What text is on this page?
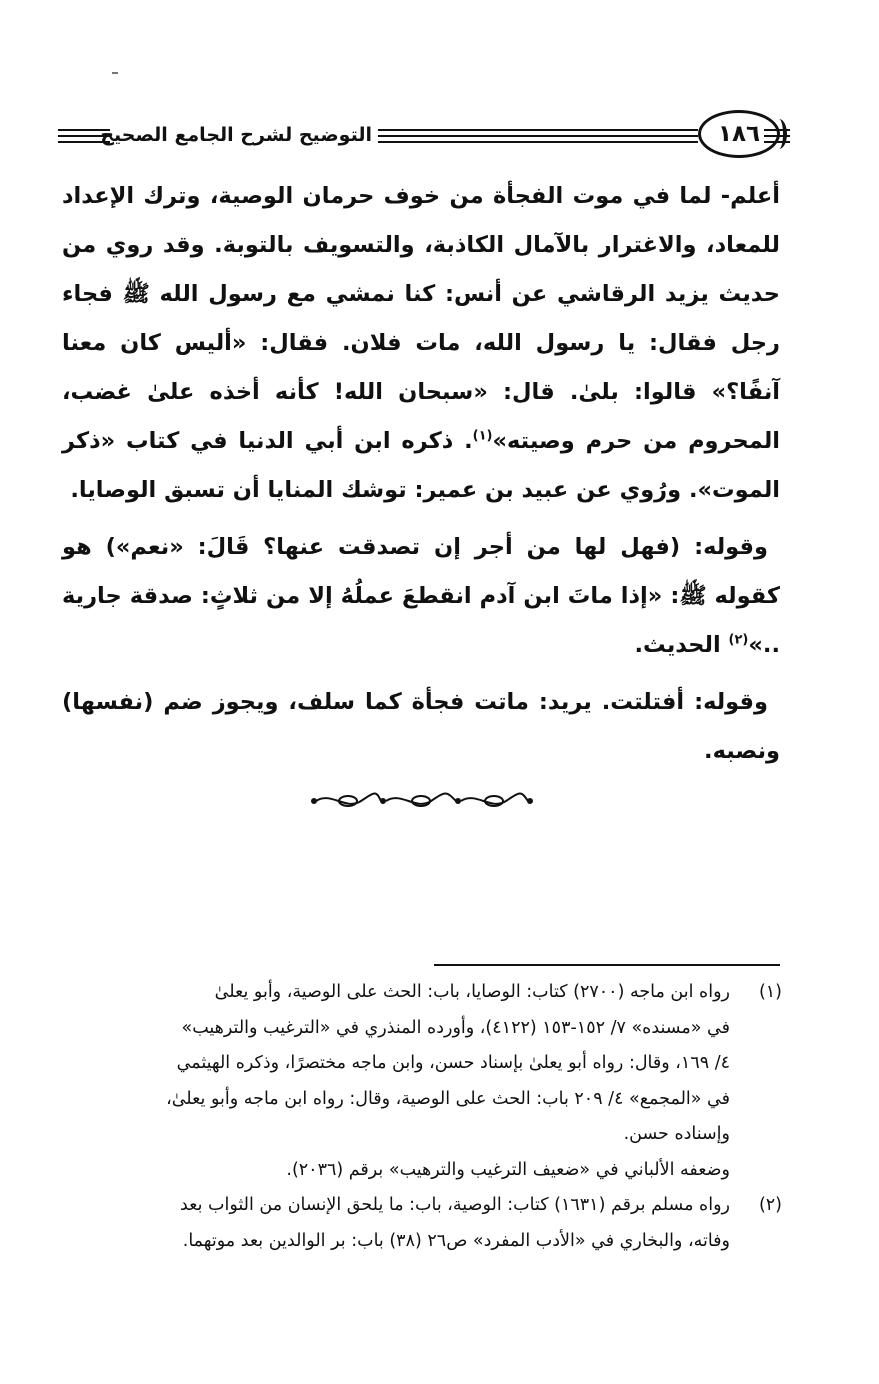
التوضيح لشرح الجامع الصحيح	١٨٦

أعلم- لما في موت الفجأة من خوف حرمان الوصية، وترك الإعداد للمعاد، والاغترار بالآمال الكاذبة، والتسويف بالتوبة. وقد روي من حديث يزيد الرقاشي عن أنس: كنا نمشي مع رسول الله ﷺ فجاء رجل فقال: يا رسول الله، مات فلان. فقال: «أليس كان معنا آنفًا؟» قالوا: بلىٰ. قال: «سبحان الله! كأنه أخذه علىٰ غضب، المحروم من حرم وصيته»$^{(١)}$. ذكره ابن أبي الدنيا في كتاب «ذكر الموت». ورُوي عن عبيد بن عمير: توشك المنايا أن تسبق الوصايا.

وقوله: (فهل لها من أجر إن تصدقت عنها؟ قَالَ: «نعم») هو كقوله ﷺ: «إذا ماتَ ابن آدم انقطعَ عملُهُ إلا من ثلاثٍ: صدقة جارية ..»$^{(٢)}$ الحديث.

وقوله: أفتلتت. يريد: ماتت فجأة كما سلف، ويجوز ضم (نفسها) ونصبه.

(١)
رواه ابن ماجه (٢٧٠٠) كتاب: الوصايا، باب: الحث على الوصية، وأبو يعلىٰ
في «مسنده» ٧/ ١٥٢-١٥٣ (٤١٢٢)، وأورده المنذري في «الترغيب والترهيب»
٤/ ١٦٩، وقال: رواه أبو يعلىٰ بإسناد حسن، وابن ماجه مختصرًا، وذكره الهيثمي
في «المجمع» ٤/ ٢٠٩ باب: الحث على الوصية، وقال: رواه ابن ماجه وأبو يعلىٰ،
وإسناده حسن.
وضعفه الألباني في «ضعيف الترغيب والترهيب» برقم (٢٠٣٦).
(٢)
رواه مسلم برقم (١٦٣١) كتاب: الوصية، باب: ما يلحق الإنسان من الثواب بعد
وفاته، والبخاري في «الأدب المفرد» ص٢٦ (٣٨) باب: بر الوالدين بعد موتهما.
